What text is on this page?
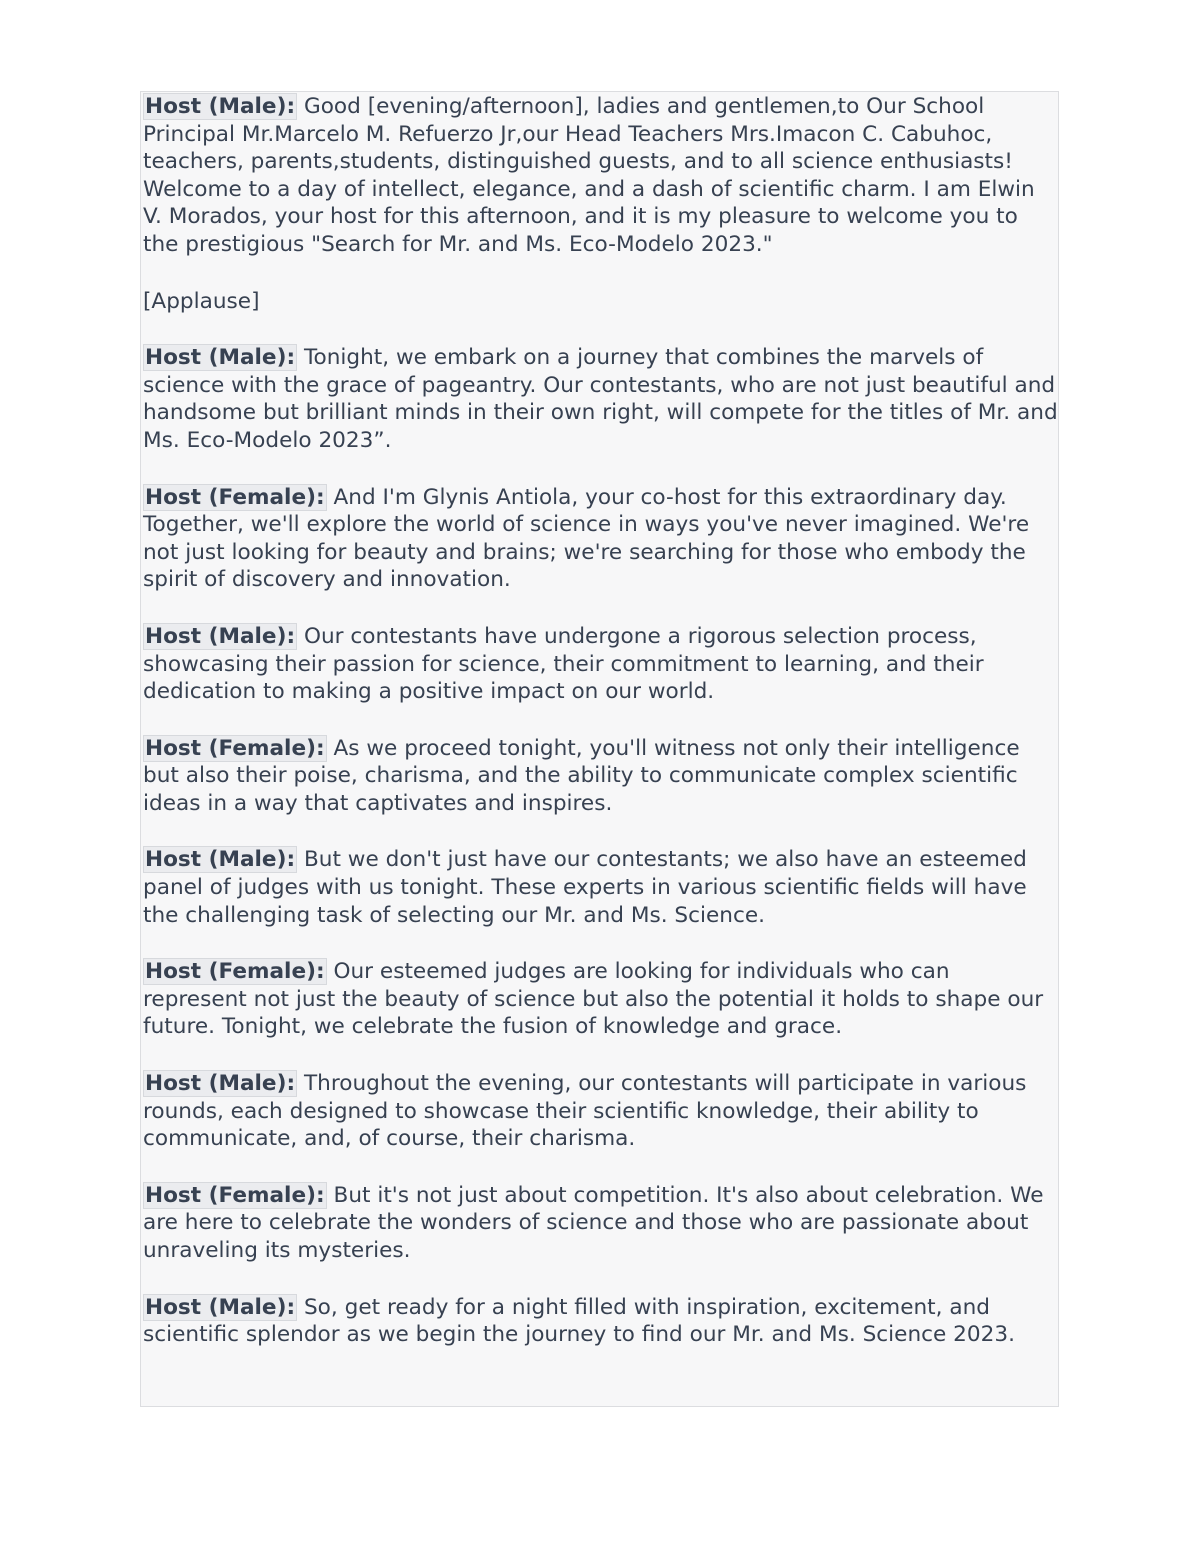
Host (Male): Good [evening/afternoon], ladies and gentlemen,to Our School Principal Mr.Marcelo M. Refuerzo Jr,our Head Teachers Mrs.Imacon C. Cabuhoc, teachers, parents,students, distinguished guests, and to all science enthusiasts! Welcome to a day of intellect, elegance, and a dash of scientific charm. I am Elwin V. Morados, your host for this afternoon, and it is my pleasure to welcome you to the prestigious "Search for Mr. and Ms. Eco-Modelo 2023."

[Applause]

Host (Male): Tonight, we embark on a journey that combines the marvels of science with the grace of pageantry. Our contestants, who are not just beautiful and handsome but brilliant minds in their own right, will compete for the titles of Mr. and Ms. Eco-Modelo 2023”.

Host (Female): And I'm Glynis Antiola, your co-host for this extraordinary day. Together, we'll explore the world of science in ways you've never imagined. We're not just looking for beauty and brains; we're searching for those who embody the spirit of discovery and innovation.

Host (Male): Our contestants have undergone a rigorous selection process, showcasing their passion for science, their commitment to learning, and their dedication to making a positive impact on our world.

Host (Female): As we proceed tonight, you'll witness not only their intelligence but also their poise, charisma, and the ability to communicate complex scientific ideas in a way that captivates and inspires.

Host (Male): But we don't just have our contestants; we also have an esteemed panel of judges with us tonight. These experts in various scientific fields will have the challenging task of selecting our Mr. and Ms. Science.

Host (Female): Our esteemed judges are looking for individuals who can represent not just the beauty of science but also the potential it holds to shape our future. Tonight, we celebrate the fusion of knowledge and grace.

Host (Male): Throughout the evening, our contestants will participate in various rounds, each designed to showcase their scientific knowledge, their ability to communicate, and, of course, their charisma.

Host (Female): But it's not just about competition. It's also about celebration. We are here to celebrate the wonders of science and those who are passionate about unraveling its mysteries.

Host (Male): So, get ready for a night filled with inspiration, excitement, and scientific splendor as we begin the journey to find our Mr. and Ms. Science 2023.
